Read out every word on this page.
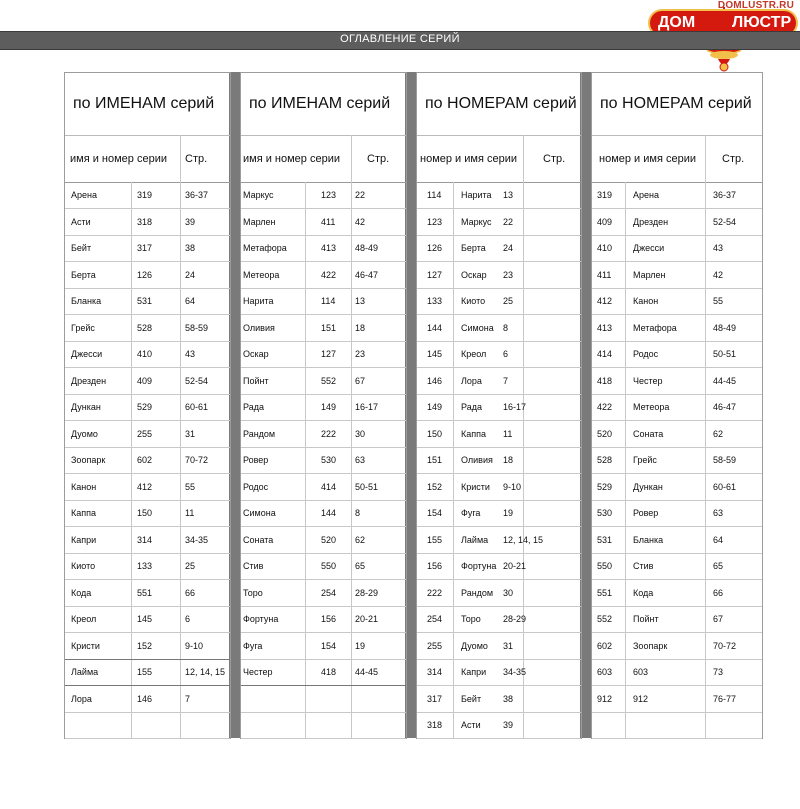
DOMLUSTR.RU
ДОМ ЛЮСТР
ОГЛАВЛЕНИЕ СЕРИЙ
по ИМЕНАМ серий
имя и номер серии Стр.
Арена	319	36-37
Асти	318	39
Бейт	317	38
Берта	126	24
Бланка	531	64
Грейс	528	58-59
Джесси	410	43
Дрезден	409	52-54
Дункан	529	60-61
Дуомо	255	31
Зоопарк	602	70-72
Канон	412	55
Каппа	150	11
Капри	314	34-35
Киото	133	25
Кода	551	66
Креол	145	6
Кристи	152	9-10
Лайма	155	12, 14, 15
Лора	146	7
по ИМЕНАМ серий
имя и номер серии Стр.
Маркус	123 22
Марлен	411 42
Метафора	413 48-49
Метеора	422 46-47
Нарита	114 13
Оливия	151 18
Оскар	127 23
Пойнт	552 67
Рада	149 16-17
Рандом	222 30
Ровер	530 63
Родос	414 50-51
Симона	144 8
Соната	520 62
Стив	550 65
Торо	254 28-29
Фортуна	156 20-21
Фуга	154 19
Честер	418 44-45
по НОМЕРАМ серий
номер и имя серии Стр.
114 Нарита 13
123 Маркус 22
126 Берта 24
127 Оскар 23
133 Киото 25
144 Симона 8
145 Креол 6
146 Лора 7
149 Рада 16-17
150 Каппа 11
151 Оливия 18
152 Кристи 9-10
154 Фуга	19
155 Лайма 12, 14, 15
156 Фортуна 20-21
222 Рандом 30
254 Торо 28-29
255 Дуомо 31
314 Капри 34-35
317 Бейт 38
318 Асти 39
по НОМЕРАМ серий
номер и имя серии Стр.
319 Арена	36-37
409 Дрезден	52-54
410 Джесси	43
411 Марлен	42
412 Канон	55
413 Метафора	48-49
414 Родос	50-51
418 Честер	44-45
422 Метеора	46-47
520 Соната	62
528 Грейс	58-59
529 Дункан	60-61
530 Ровер	63
531 Бланка	64
550 Стив	65
551 Кода	66
552 Пойнт	67
602 Зоопарк	70-72
603 603	73
912 912	76-77
